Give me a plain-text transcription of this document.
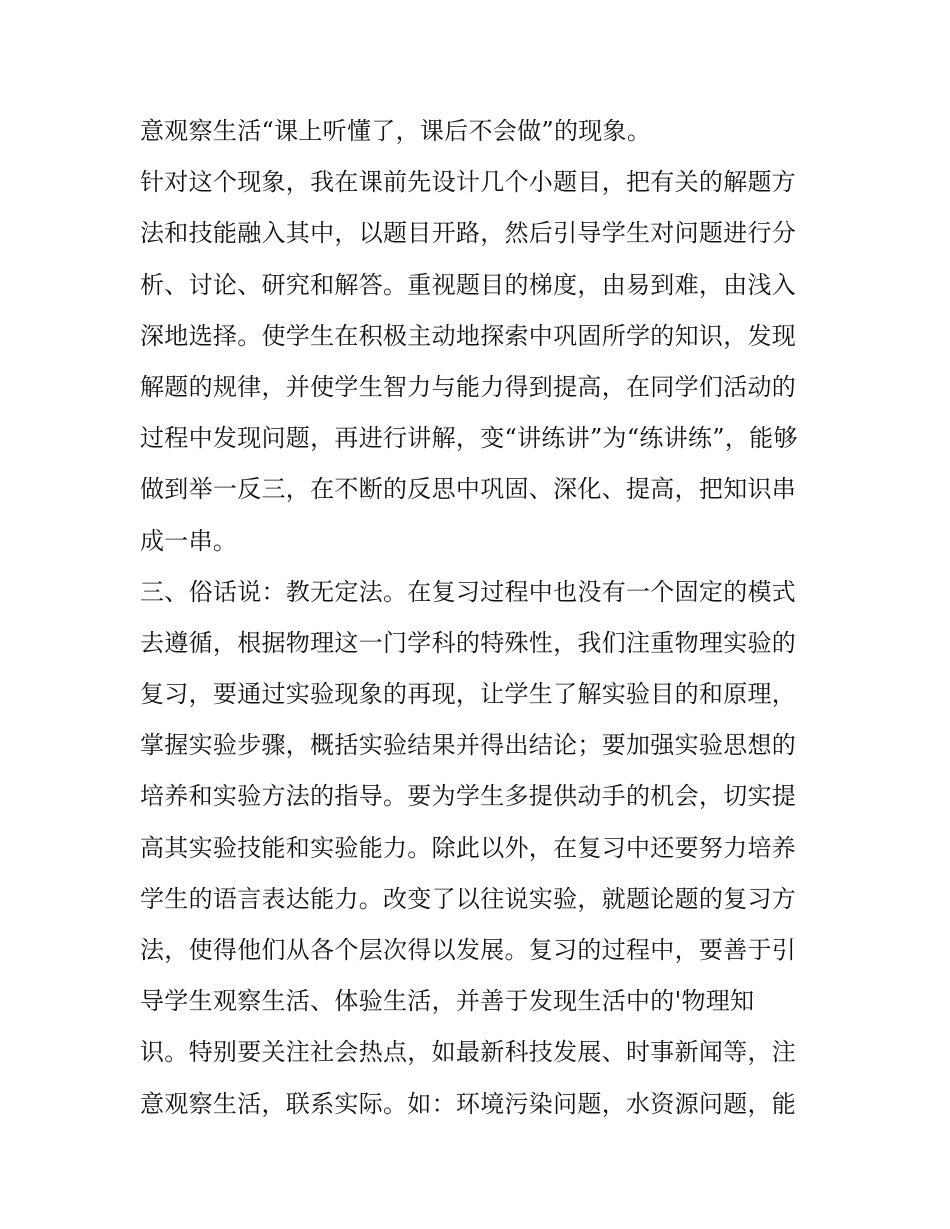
意观察生活“课上听懂了，课后不会做”的现象。
针对这个现象，我在课前先设计几个小题目，把有关的解题方
法和技能融入其中，以题目开路，然后引导学生对问题进行分
析、讨论、研究和解答。重视题目的梯度，由易到难，由浅入
深地选择。使学生在积极主动地探索中巩固所学的知识，发现
解题的规律，并使学生智力与能力得到提高，在同学们活动的
过程中发现问题，再进行讲解，变“讲练讲”为“练讲练”，能够
做到举一反三，在不断的反思中巩固、深化、提高，把知识串
成一串。
三、俗话说：教无定法。在复习过程中也没有一个固定的模式
去遵循，根据物理这一门学科的特殊性，我们注重物理实验的
复习，要通过实验现象的再现，让学生了解实验目的和原理，
掌握实验步骤，概括实验结果并得出结论；要加强实验思想的
培养和实验方法的指导。要为学生多提供动手的机会，切实提
高其实验技能和实验能力。除此以外，在复习中还要努力培养
学生的语言表达能力。改变了以往说实验，就题论题的复习方
法，使得他们从各个层次得以发展。复习的过程中，要善于引
导学生观察生活、体验生活，并善于发现生活中的'物理知
识。特别要关注社会热点，如最新科技发展、时事新闻等，注
意观察生活，联系实际。如：环境污染问题，水资源问题，能
